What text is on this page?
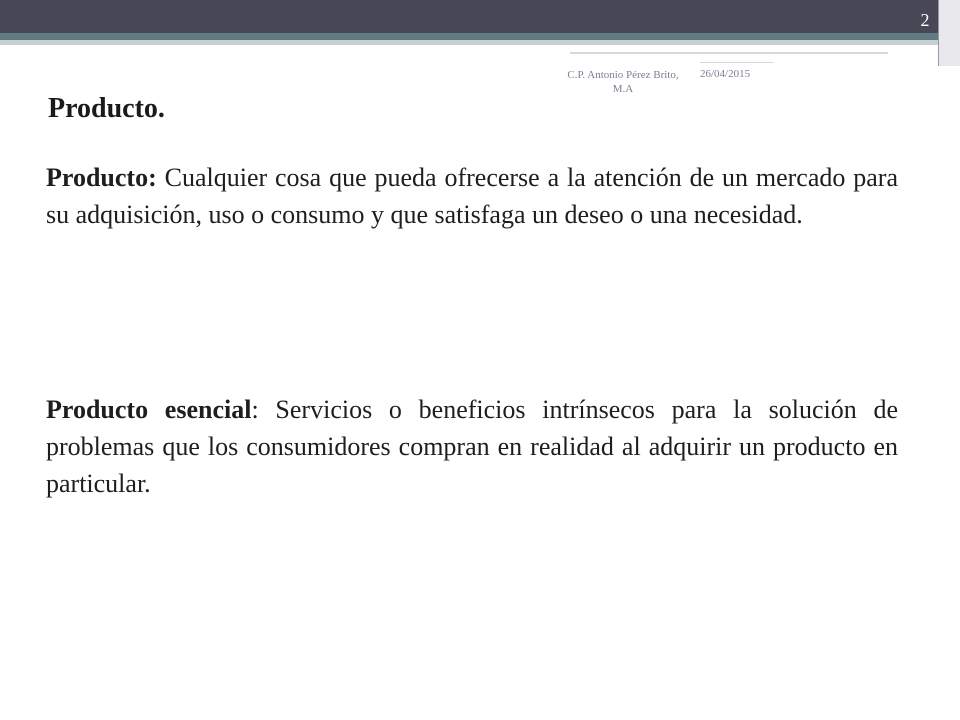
2
C.P. Antonio Pérez Brito, M.A
26/04/2015
Producto.
Producto: Cualquier cosa que pueda ofrecerse a la atención de un mercado para su adquisición, uso o consumo y que satisfaga un deseo o una necesidad.
Producto esencial: Servicios o beneficios intrínsecos para la solución de problemas que los consumidores compran en realidad al adquirir un producto en particular.
